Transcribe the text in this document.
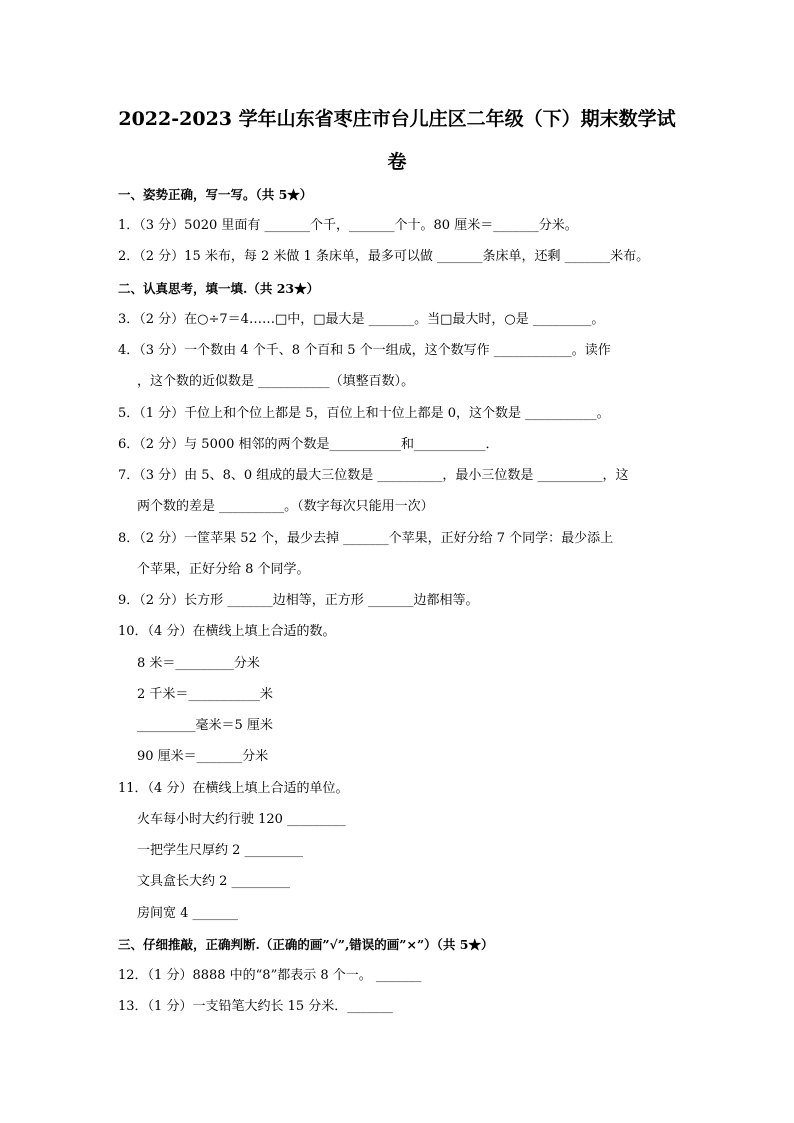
2022-2023 学年山东省枣庄市台儿庄区二年级（下）期末数学试
卷
一、姿势正确，写一写。（共 5★）
1．（3 分）5020 里面有 _______个千，_______个十。80 厘米＝_______分米。
2．（2 分）15 米布，每 2 米做 1 条床单，最多可以做 _______条床单，还剩 _______米布。
二、认真思考，填一填.（共 23★）
3．（2 分）在○÷7＝4……□中，□最大是 _______。当□最大时，○是 _________。
4．（3 分）一个数由 4 个千、8 个百和 5 个一组成，这个数写作 ____________。读作
，这个数的近似数是 ___________（填整百数）。
5．（1 分）千位上和个位上都是 5，百位上和十位上都是 0，这个数是 ___________。
6．（2 分）与 5000 相邻的两个数是___________和___________．
7．（3 分）由 5、8、0 组成的最大三位数是 __________，最小三位数是 __________，这
两个数的差是 __________。（数字每次只能用一次）
8．（2 分）一筐苹果 52 个，最少去掉 _______个苹果，正好分给 7 个同学：最少添上
个苹果，正好分给 8 个同学。
9．（2 分）长方形 _______边相等，正方形 _______边都相等。
10．（4 分）在横线上填上合适的数。
8 米＝_________分米
2 千米＝___________米
_________毫米＝5 厘米
90 厘米＝_______分米
11．（4 分）在横线上填上合适的单位。
火车每小时大约行驶 120 _________
一把学生尺厚约 2 _________
文具盒长大约 2 _________
房间宽 4 _______
三、仔细推敲，正确判断.（正确的画”√”,错误的画”×”）（共 5★）
12．（1 分）8888 中的“8”都表示 8 个一。 _______
13．（1 分）一支铅笔大约长 15 分米．_______
